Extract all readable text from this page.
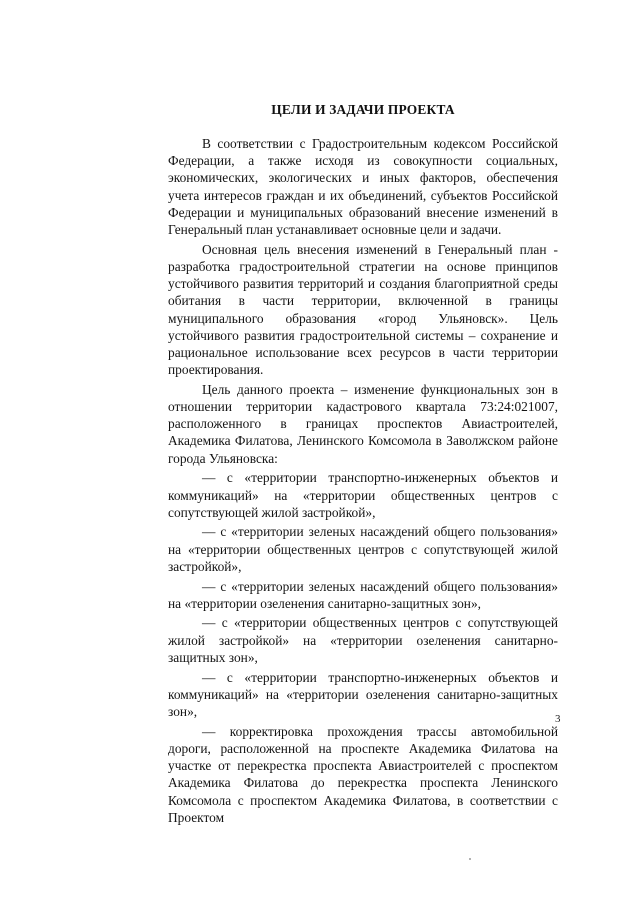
ЦЕЛИ И ЗАДАЧИ ПРОЕКТА

В соответствии с Градостроительным кодексом Российской Федерации, а также исходя из совокупности социальных, экономических, экологических и иных факторов, обеспечения учета интересов граждан и их объединений, субъектов Российской Федерации и муниципальных образований внесение изменений в Генеральный план устанавливает основные цели и задачи.

Основная цель внесения изменений в Генеральный план - разработка градостроительной стратегии на основе принципов устойчивого развития территорий и создания благоприятной среды обитания в части территории, включенной в границы муниципального образования «город Ульяновск». Цель устойчивого развития градостроительной системы – сохранение и рациональное использование всех ресурсов в части территории проектирования.

Цель данного проекта – изменение функциональных зон в отношении территории кадастрового квартала 73:24:021007, расположенного в границах проспектов Авиастроителей, Академика Филатова, Ленинского Комсомола в Заволжском районе города Ульяновска:

— с «территории транспортно-инженерных объектов и коммуникаций» на «территории общественных центров с сопутствующей жилой застройкой»,

— с «территории зеленых насаждений общего пользования» на «территории общественных центров с сопутствующей жилой застройкой»,

— с «территории зеленых насаждений общего пользования» на «территории озеленения санитарно-защитных зон»,

— с «территории общественных центров с сопутствующей жилой застройкой» на «территории озеленения санитарно-защитных зон»,

— с «территории транспортно-инженерных объектов и коммуникаций» на «территории озеленения санитарно-защитных зон»,

— корректировка прохождения трассы автомобильной дороги, расположенной на проспекте Академика Филатова на участке от перекрестка проспекта Авиастроителей с проспектом Академика Филатова до перекрестка проспекта Ленинского Комсомола с проспектом Академика Филатова, в соответствии с Проектом

3
